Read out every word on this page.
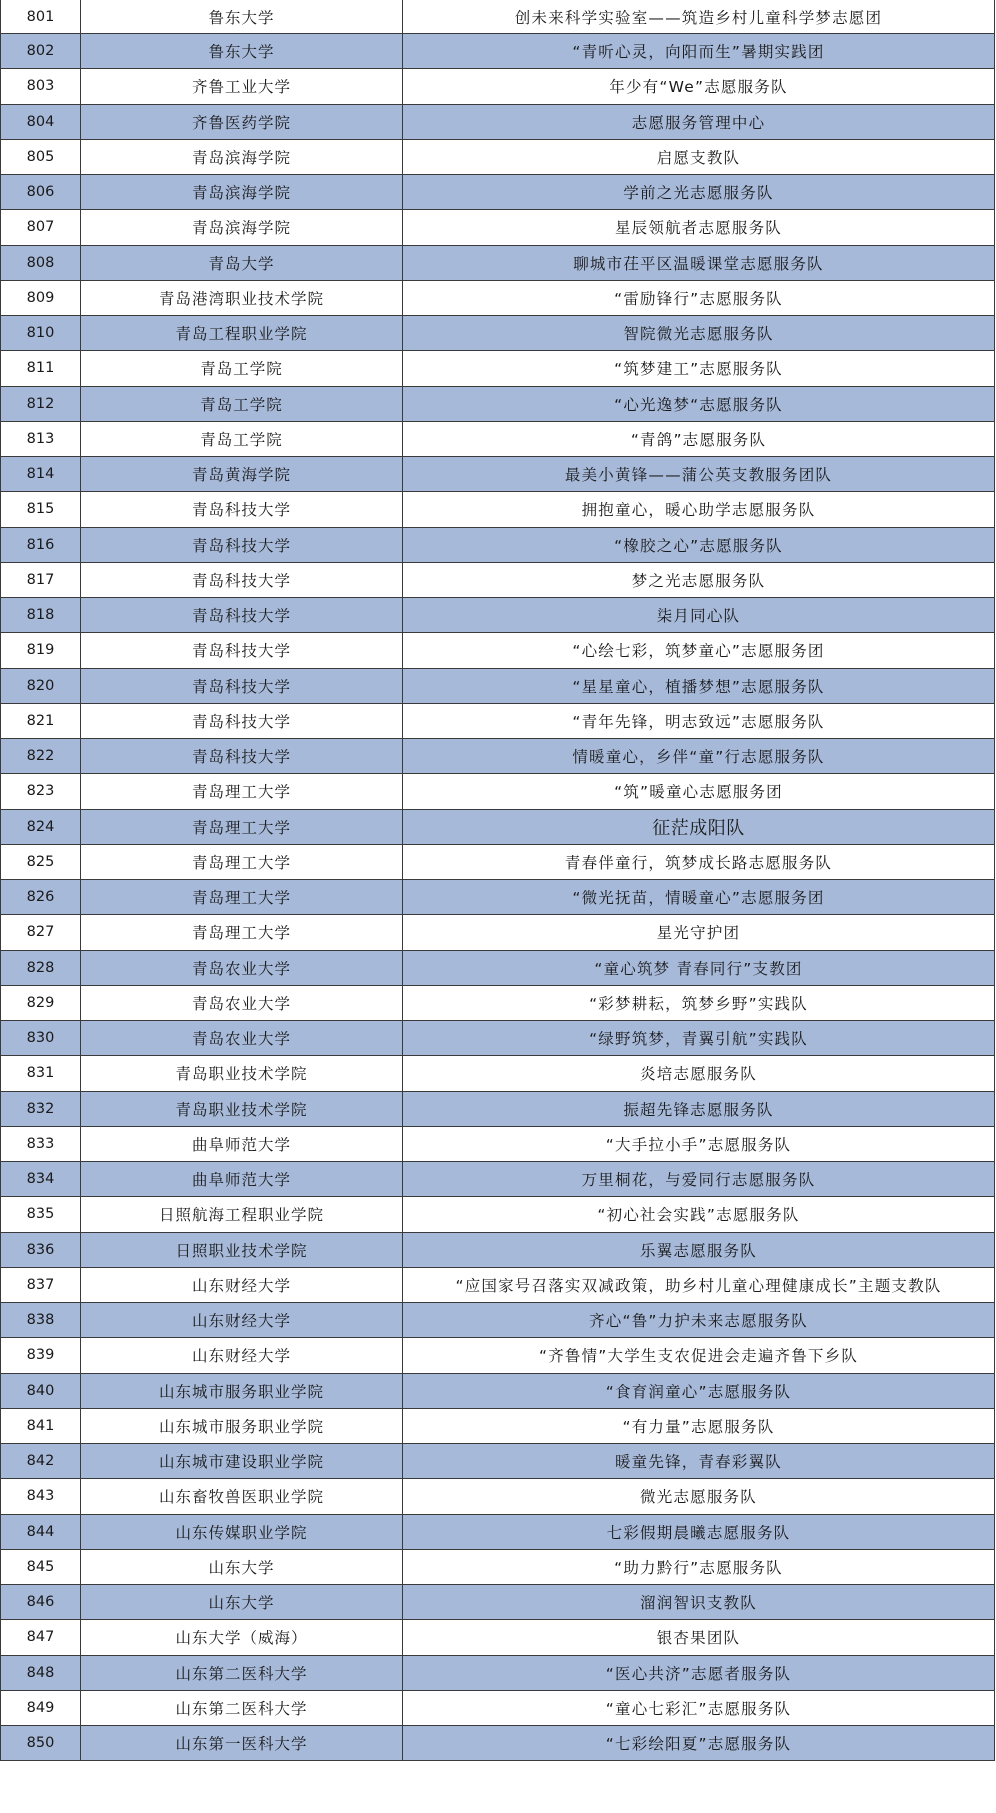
801	鲁东大学	创未来科学实验室——筑造乡村儿童科学梦志愿团
802	鲁东大学	“青听心灵，向阳而生”暑期实践团
803	齐鲁工业大学	年少有“We”志愿服务队
804	齐鲁医药学院	志愿服务管理中心
805	青岛滨海学院	启愿支教队
806	青岛滨海学院	学前之光志愿服务队
807	青岛滨海学院	星辰领航者志愿服务队
808	青岛大学	聊城市茌平区温暖课堂志愿服务队
809	青岛港湾职业技术学院	“雷励锋行”志愿服务队
810	青岛工程职业学院	智院微光志愿服务队
811	青岛工学院	“筑梦建工”志愿服务队
812	青岛工学院	“心光逸梦“志愿服务队
813	青岛工学院	“青鸽”志愿服务队
814	青岛黄海学院	最美小黄锋——蒲公英支教服务团队
815	青岛科技大学	拥抱童心，暖心助学志愿服务队
816	青岛科技大学	“橡胶之心”志愿服务队
817	青岛科技大学	梦之光志愿服务队
818	青岛科技大学	柒月同心队
819	青岛科技大学	“心绘七彩，筑梦童心”志愿服务团
820	青岛科技大学	“星星童心，植播梦想”志愿服务队
821	青岛科技大学	“青年先锋，明志致远”志愿服务队
822	青岛科技大学	情暖童心，乡伴“童”行志愿服务队
823	青岛理工大学	“筑”暖童心志愿服务团
824	青岛理工大学	征茫成阳队
825	青岛理工大学	青春伴童行，筑梦成长路志愿服务队
826	青岛理工大学	“微光抚苗，情暖童心”志愿服务团
827	青岛理工大学	星光守护团
828	青岛农业大学	“童心筑梦 青春同行”支教团
829	青岛农业大学	“彩梦耕耘，筑梦乡野”实践队
830	青岛农业大学	“绿野筑梦，青翼引航”实践队
831	青岛职业技术学院	炎培志愿服务队
832	青岛职业技术学院	振超先锋志愿服务队
833	曲阜师范大学	“大手拉小手”志愿服务队
834	曲阜师范大学	万里桐花，与爱同行志愿服务队
835	日照航海工程职业学院	“初心社会实践”志愿服务队
836	日照职业技术学院	乐翼志愿服务队
837	山东财经大学	“应国家号召落实双减政策，助乡村儿童心理健康成长”主题支教队
838	山东财经大学	齐心“鲁”力护未来志愿服务队
839	山东财经大学	“齐鲁情”大学生支农促进会走遍齐鲁下乡队
840	山东城市服务职业学院	“食育润童心”志愿服务队
841	山东城市服务职业学院	“有力量”志愿服务队
842	山东城市建设职业学院	暖童先锋，青春彩翼队
843	山东畜牧兽医职业学院	微光志愿服务队
844	山东传媒职业学院	七彩假期晨曦志愿服务队
845	山东大学	“助力黔行”志愿服务队
846	山东大学	溜润智识支教队
847	山东大学（威海）	银杏果团队
848	山东第二医科大学	“医心共济”志愿者服务队
849	山东第二医科大学	“童心七彩汇”志愿服务队
850	山东第一医科大学	“七彩绘阳夏”志愿服务队
